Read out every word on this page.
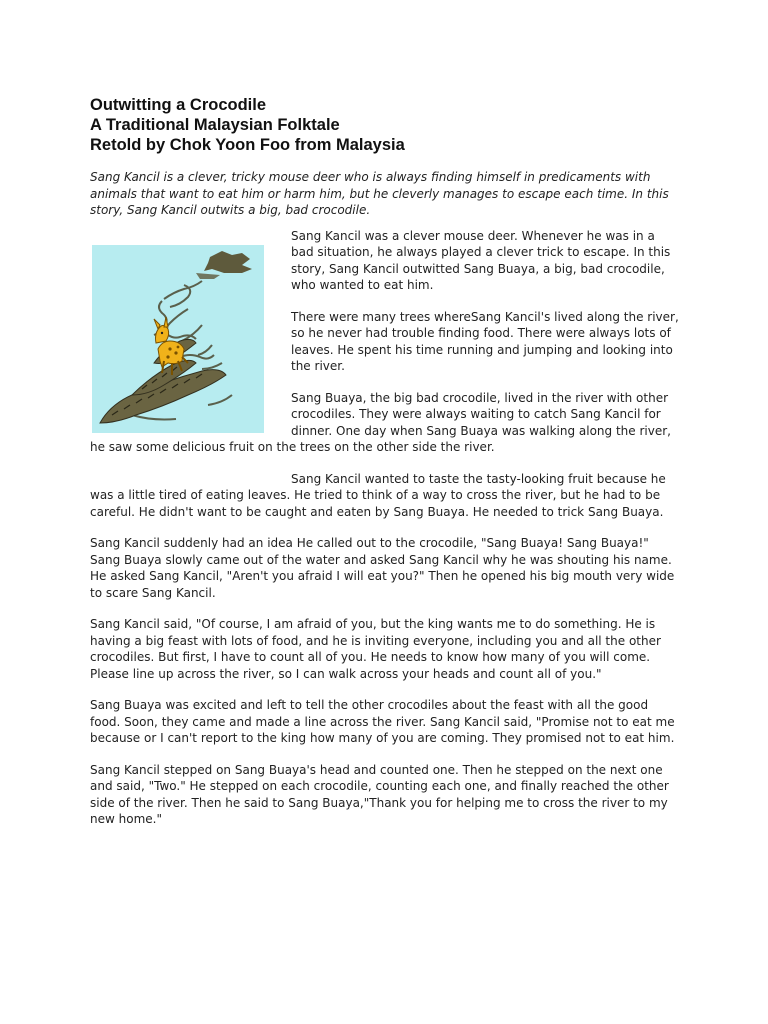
Outwitting a Crocodile

A Traditional Malaysian Folktale

Retold by Chok Yoon Foo from Malaysia

Sang Kancil is a clever, tricky mouse deer who is always finding himself in predicaments with animals that want to eat him or harm him, but he cleverly manages to escape each time. In this story, Sang Kancil outwits a big, bad crocodile.

Sang Kancil was a clever mouse deer. Whenever he was in a bad situation, he always played a clever trick to escape. In this story, Sang Kancil outwitted Sang Buaya, a big, bad crocodile, who wanted to eat him.

There were many trees whereSang Kancil's lived along the river, so he never had trouble finding food. There were always lots of leaves. He spent his time running and jumping and looking into the river.

Sang Buaya, the big bad crocodile, lived in the river with other crocodiles. They were always waiting to catch Sang Kancil for dinner. One day when Sang Buaya was walking along the river, he saw some delicious fruit on the trees on the other side the river.

Sang Kancil wanted to taste the tasty-looking fruit because he was a little tired of eating leaves. He tried to think of a way to cross the river, but he had to be careful. He didn't want to be caught and eaten by Sang Buaya. He needed to trick Sang Buaya.

Sang Kancil suddenly had an idea He called out to the crocodile, "Sang Buaya! Sang Buaya!" Sang Buaya slowly came out of the water and asked Sang Kancil why he was shouting his name. He asked Sang Kancil, "Aren't you afraid I will eat you?" Then he opened his big mouth very wide to scare Sang Kancil.

Sang Kancil said, "Of course, I am afraid of you, but the king wants me to do something. He is having a big feast with lots of food, and he is inviting everyone, including you and all the other crocodiles. But first, I have to count all of you. He needs to know how many of you will come. Please line up across the river, so I can walk across your heads and count all of you."

Sang Buaya was excited and left to tell the other crocodiles about the feast with all the good food. Soon, they came and made a line across the river. Sang Kancil said, "Promise not to eat me because or I can't report to the king how many of you are coming. They promised not to eat him.

Sang Kancil stepped on Sang Buaya's head and counted one. Then he stepped on the next one and said, "Two." He stepped on each crocodile, counting each one, and finally reached the other side of the river. Then he said to Sang Buaya,"Thank you for helping me to cross the river to my new home."
